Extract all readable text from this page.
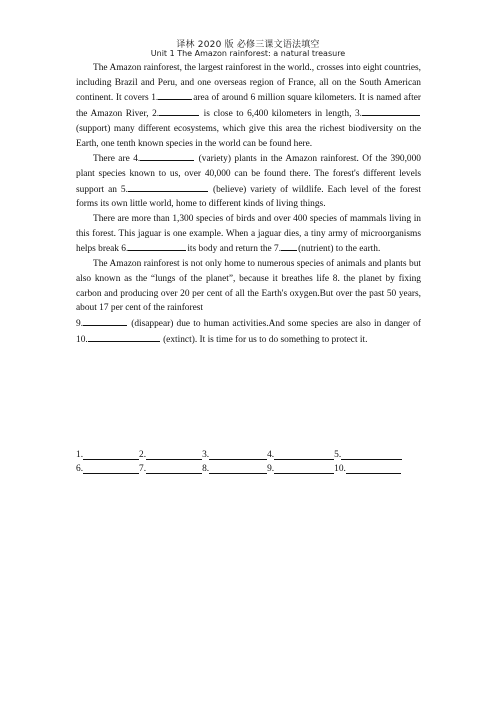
译林 2020 版 必修三课文语法填空
Unit 1 The Amazon rainforest: a natural treasure

The Amazon rainforest, the largest rainforest in the world., crosses into eight countries, including Brazil and Peru, and one overseas region of France, all on the South American continent. It covers 1.	area of around 6 million square kilometers. It is named after the Amazon River, 2.	is close to 6,400 kilometers in length, 3. (support) many different ecosystems, which give this area the richest biodiversity on the Earth, one tenth known species in the world can be found here.

There are 4.	(variety) plants in the Amazon rainforest. Of the 390,000 plant species known to us, over 40,000 can be found there. The forest's different levels support an 5.	(believe) variety of wildlife. Each level of the forest forms its own little world, home to different kinds of living things.

There are more than 1,300 species of birds and over 400 species of mammals living in this forest. This jaguar is one example. When a jaguar dies, a tiny army of microorganisms helps break 6.	its body and return the 7. (nutrient) to the earth.

The Amazon rainforest is not only home to numerous species of animals and plants but also known as the “lungs of the planet”, because it breathes life 8. the planet by fixing carbon and producing over 20 per cent of all the Earth's oxygen.But over the past 50 years, about 17 per cent of the rainforest

9.	(disappear) due to human activities.And some species are also in danger of 10.	(extinct). It is time for us to do something to protect it.

1.	2.	3.	4.	5.
6.	7.	8.	9.	10.
